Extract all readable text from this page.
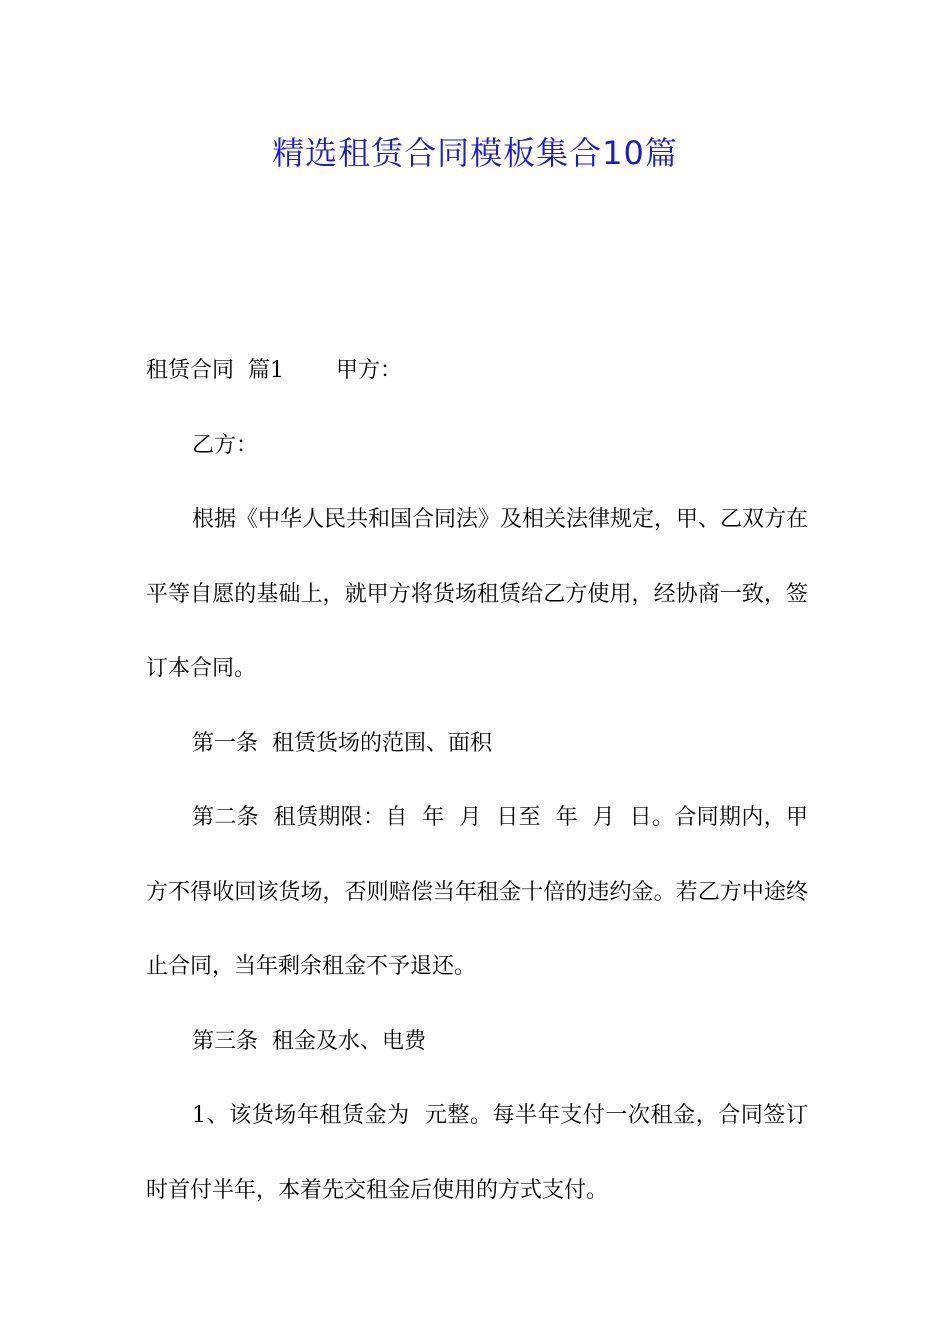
精选租赁合同模板集合10篇

租赁合同  篇1 甲方：

乙方：

根据《中华人民共和国合同法》及相关法律规定，甲、乙双方在平等自愿的基础上，就甲方将货场租赁给乙方使用，经协商一致，签订本合同。

第一条  租赁货场的范围、面积

第二条  租赁期限：自  年  月  日至  年  月  日。合同期内，甲方不得收回该货场，否则赔偿当年租金十倍的违约金。若乙方中途终止合同，当年剩余租金不予退还。

第三条  租金及水、电费

1、该货场年租赁金为  元整。每半年支付一次租金，合同签订时首付半年，本着先交租金后使用的方式支付。
